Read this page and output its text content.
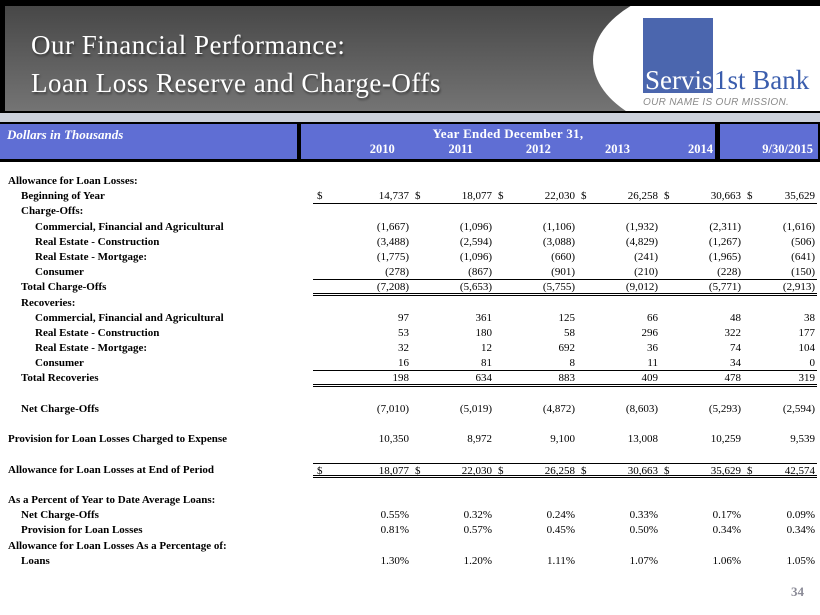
Our Financial Performance:
Loan Loss Reserve and Charge-Offs	Servis 1st Bank
OUR NAME IS OUR MISSION.
Dollars in Thousands	Year Ended December 31,
2010	2011	2012	2013	2014	9/30/2015
Allowance for Loan Losses:
Beginning of Year	$	14,737 $	18,077 $	22,030 $	26,258 $	30,663 $	35,629
Charge-Offs:
Commercial, Financial and Agricultural	(1,667)	(1,096)	(1,106)	(1,932)	(2,311)	(1,616)
Real Estate - Construction	(3,488)	(2,594)	(3,088)	(4,829)	(1,267)	(506)
Real Estate - Mortgage:	(1,775)	(1,096)	(660)	(241)	(1,965)	(641)
Consumer	(278)	(867)	(901)	(210)	(228)	(150)
Total Charge-Offs	(7,208)	(5,653)	(5,755)	(9,012)	(5,771)	(2,913)
Recoveries:
Commercial, Financial and Agricultural	97	361	125	66	48	38
Real Estate - Construction	53	180	58	296	322	177
Real Estate - Mortgage:	32	12	692	36	74	104
Consumer	16	81	8	11	34	0
Total Recoveries	198	634	883	409	478	319
Net Charge-Offs	(7,010)	(5,019)	(4,872)	(8,603)	(5,293)	(2,594)
Provision for Loan Losses Charged to Expense	10,350	8,972	9,100	13,008	10,259	9,539
Allowance for Loan Losses at End of Period	$	18,077 $	22,030 $	26,258 $	30,663 $	35,629 $	42,574
As a Percent of Year to Date Average Loans:
Net Charge-Offs	0.55%	0.32%	0.24%	0.33%	0.17%	0.09%
Provision for Loan Losses	0.81%	0.57%	0.45%	0.50%	0.34%	0.34%
Allowance for Loan Losses As a Percentage of:
Loans	1.30%	1.20%	1.11%	1.07%	1.06%	1.05%
34
